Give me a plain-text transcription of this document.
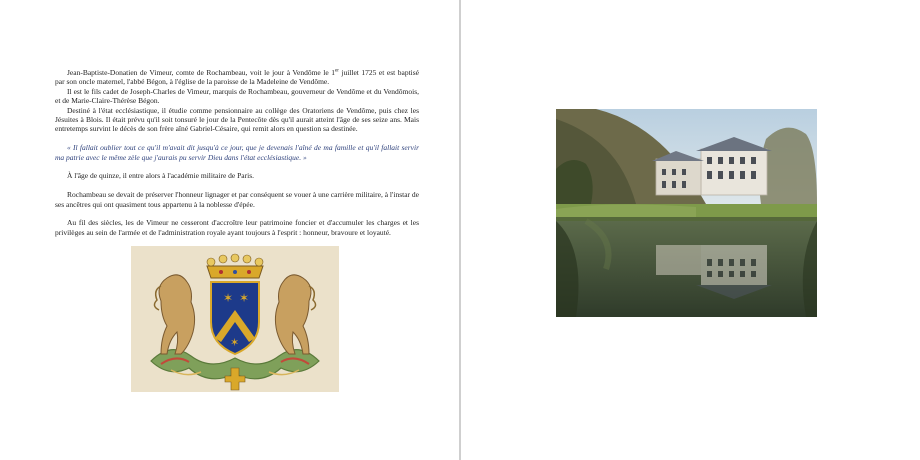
Jean-Baptiste-Donatien de Vimeur, comte de Rochambeau, voit le jour à Vendôme le 1er juillet 1725 et est baptisé par son oncle maternel, l'abbé Bégon, à l'église de la paroisse de la Madeleine de Vendôme.

Il est le fils cadet de Joseph-Charles de Vimeur, marquis de Rochambeau, gouverneur de Vendôme et du Vendômois, et de Marie-Claire-Thérèse Bégon.

Destiné à l'état ecclésiastique, il étudie comme pensionnaire au collège des Oratoriens de Vendôme, puis chez les Jésuites à Blois. Il était prévu qu'il soit tonsuré le jour de la Pentecôte dès qu'il aurait atteint l'âge de ses seize ans. Mais entretemps survint le décès de son frère aîné Gabriel-Césaire, qui remit alors en question sa destinée.

« Il fallait oublier tout ce qu'il m'avait dit jusqu'à ce jour, que je devenais l'aîné de ma famille et qu'il fallait servir ma patrie avec le même zèle que j'aurais pu servir Dieu dans l'état ecclésiastique. »

À l'âge de quinze, il entre alors à l'académie militaire de Paris.

Rochambeau se devait de préserver l'honneur lignager et par conséquent se vouer à une carrière militaire, à l'instar de ses ancêtres qui ont quasiment tous appartenu à la noblesse d'épée.

Au fil des siècles, les de Vimeur ne cesseront d'accroître leur patrimoine foncier et d'accumuler les charges et les privilèges au sein de l'armée et de l'administration royale ayant toujours à l'esprit : honneur, bravoure et loyauté.

✶ ✶
✶
